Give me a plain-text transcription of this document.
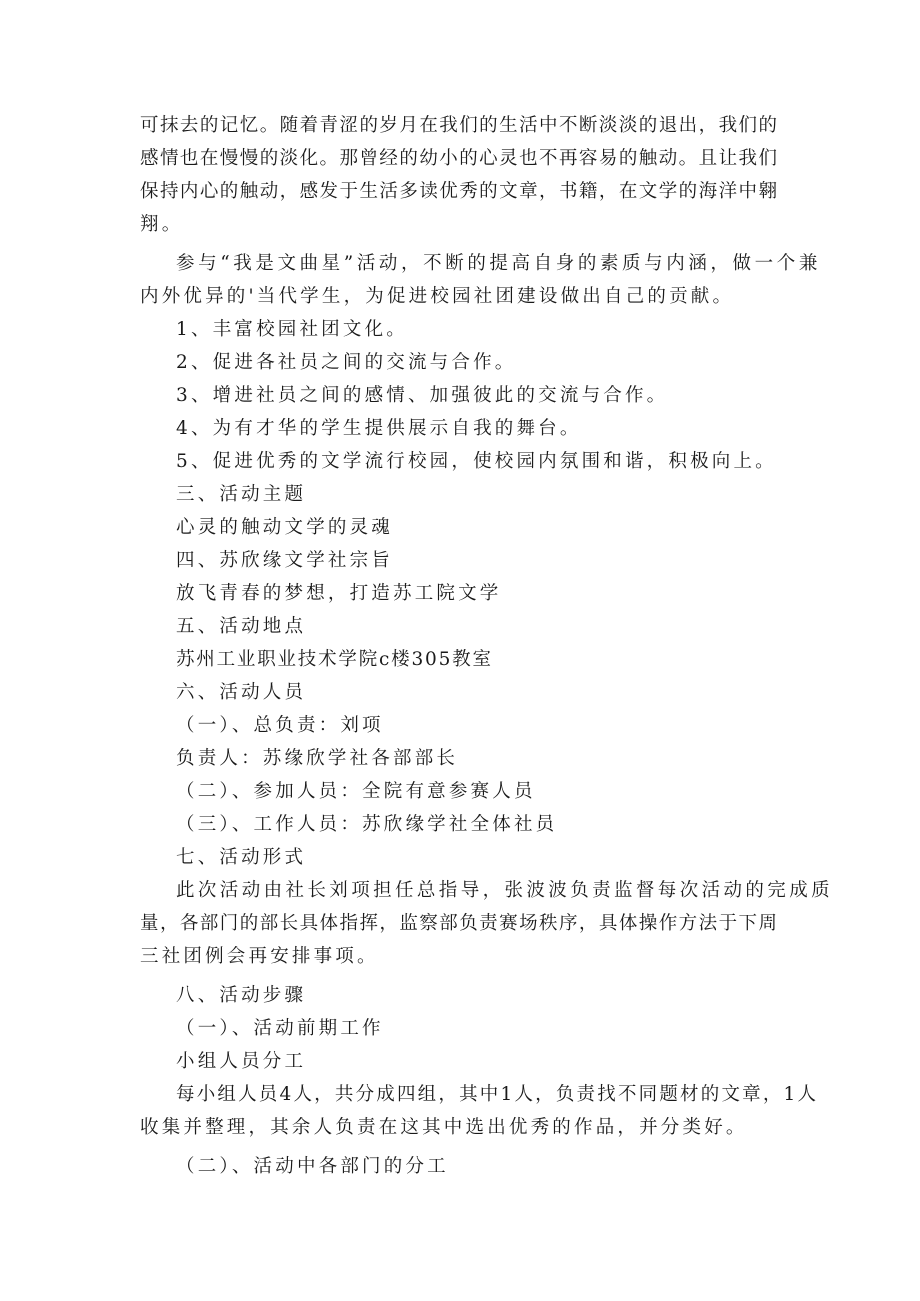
可抹去的记忆。随着青涩的岁月在我们的生活中不断淡淡的退出，我们的
感情也在慢慢的淡化。那曾经的幼小的心灵也不再容易的触动。且让我们
保持内心的触动，感发于生活多读优秀的文章，书籍，在文学的海洋中翱
翔。
参与“我是文曲星”活动，不断的提高自身的素质与内涵，做一个兼
内外优异的'当代学生，为促进校园社团建设做出自己的贡献。
1、丰富校园社团文化。
2、促进各社员之间的交流与合作。
3、增进社员之间的感情、加强彼此的交流与合作。
4、为有才华的学生提供展示自我的舞台。
5、促进优秀的文学流行校园，使校园内氛围和谐，积极向上。
三、活动主题
心灵的触动文学的灵魂
四、苏欣缘文学社宗旨
放飞青春的梦想，打造苏工院文学
五、活动地点
苏州工业职业技术学院c楼305教室
六、活动人员
（一）、总负责：刘项
负责人：苏缘欣学社各部部长
（二）、参加人员：全院有意参赛人员
（三）、工作人员：苏欣缘学社全体社员
七、活动形式
此次活动由社长刘项担任总指导，张波波负责监督每次活动的完成质
量，各部门的部长具体指挥，监察部负责赛场秩序，具体操作方法于下周
三社团例会再安排事项。
八、活动步骤
（一）、活动前期工作
小组人员分工
每小组人员4人，共分成四组，其中1人，负责找不同题材的文章，1人
收集并整理，其余人负责在这其中选出优秀的作品，并分类好。
（二）、活动中各部门的分工
